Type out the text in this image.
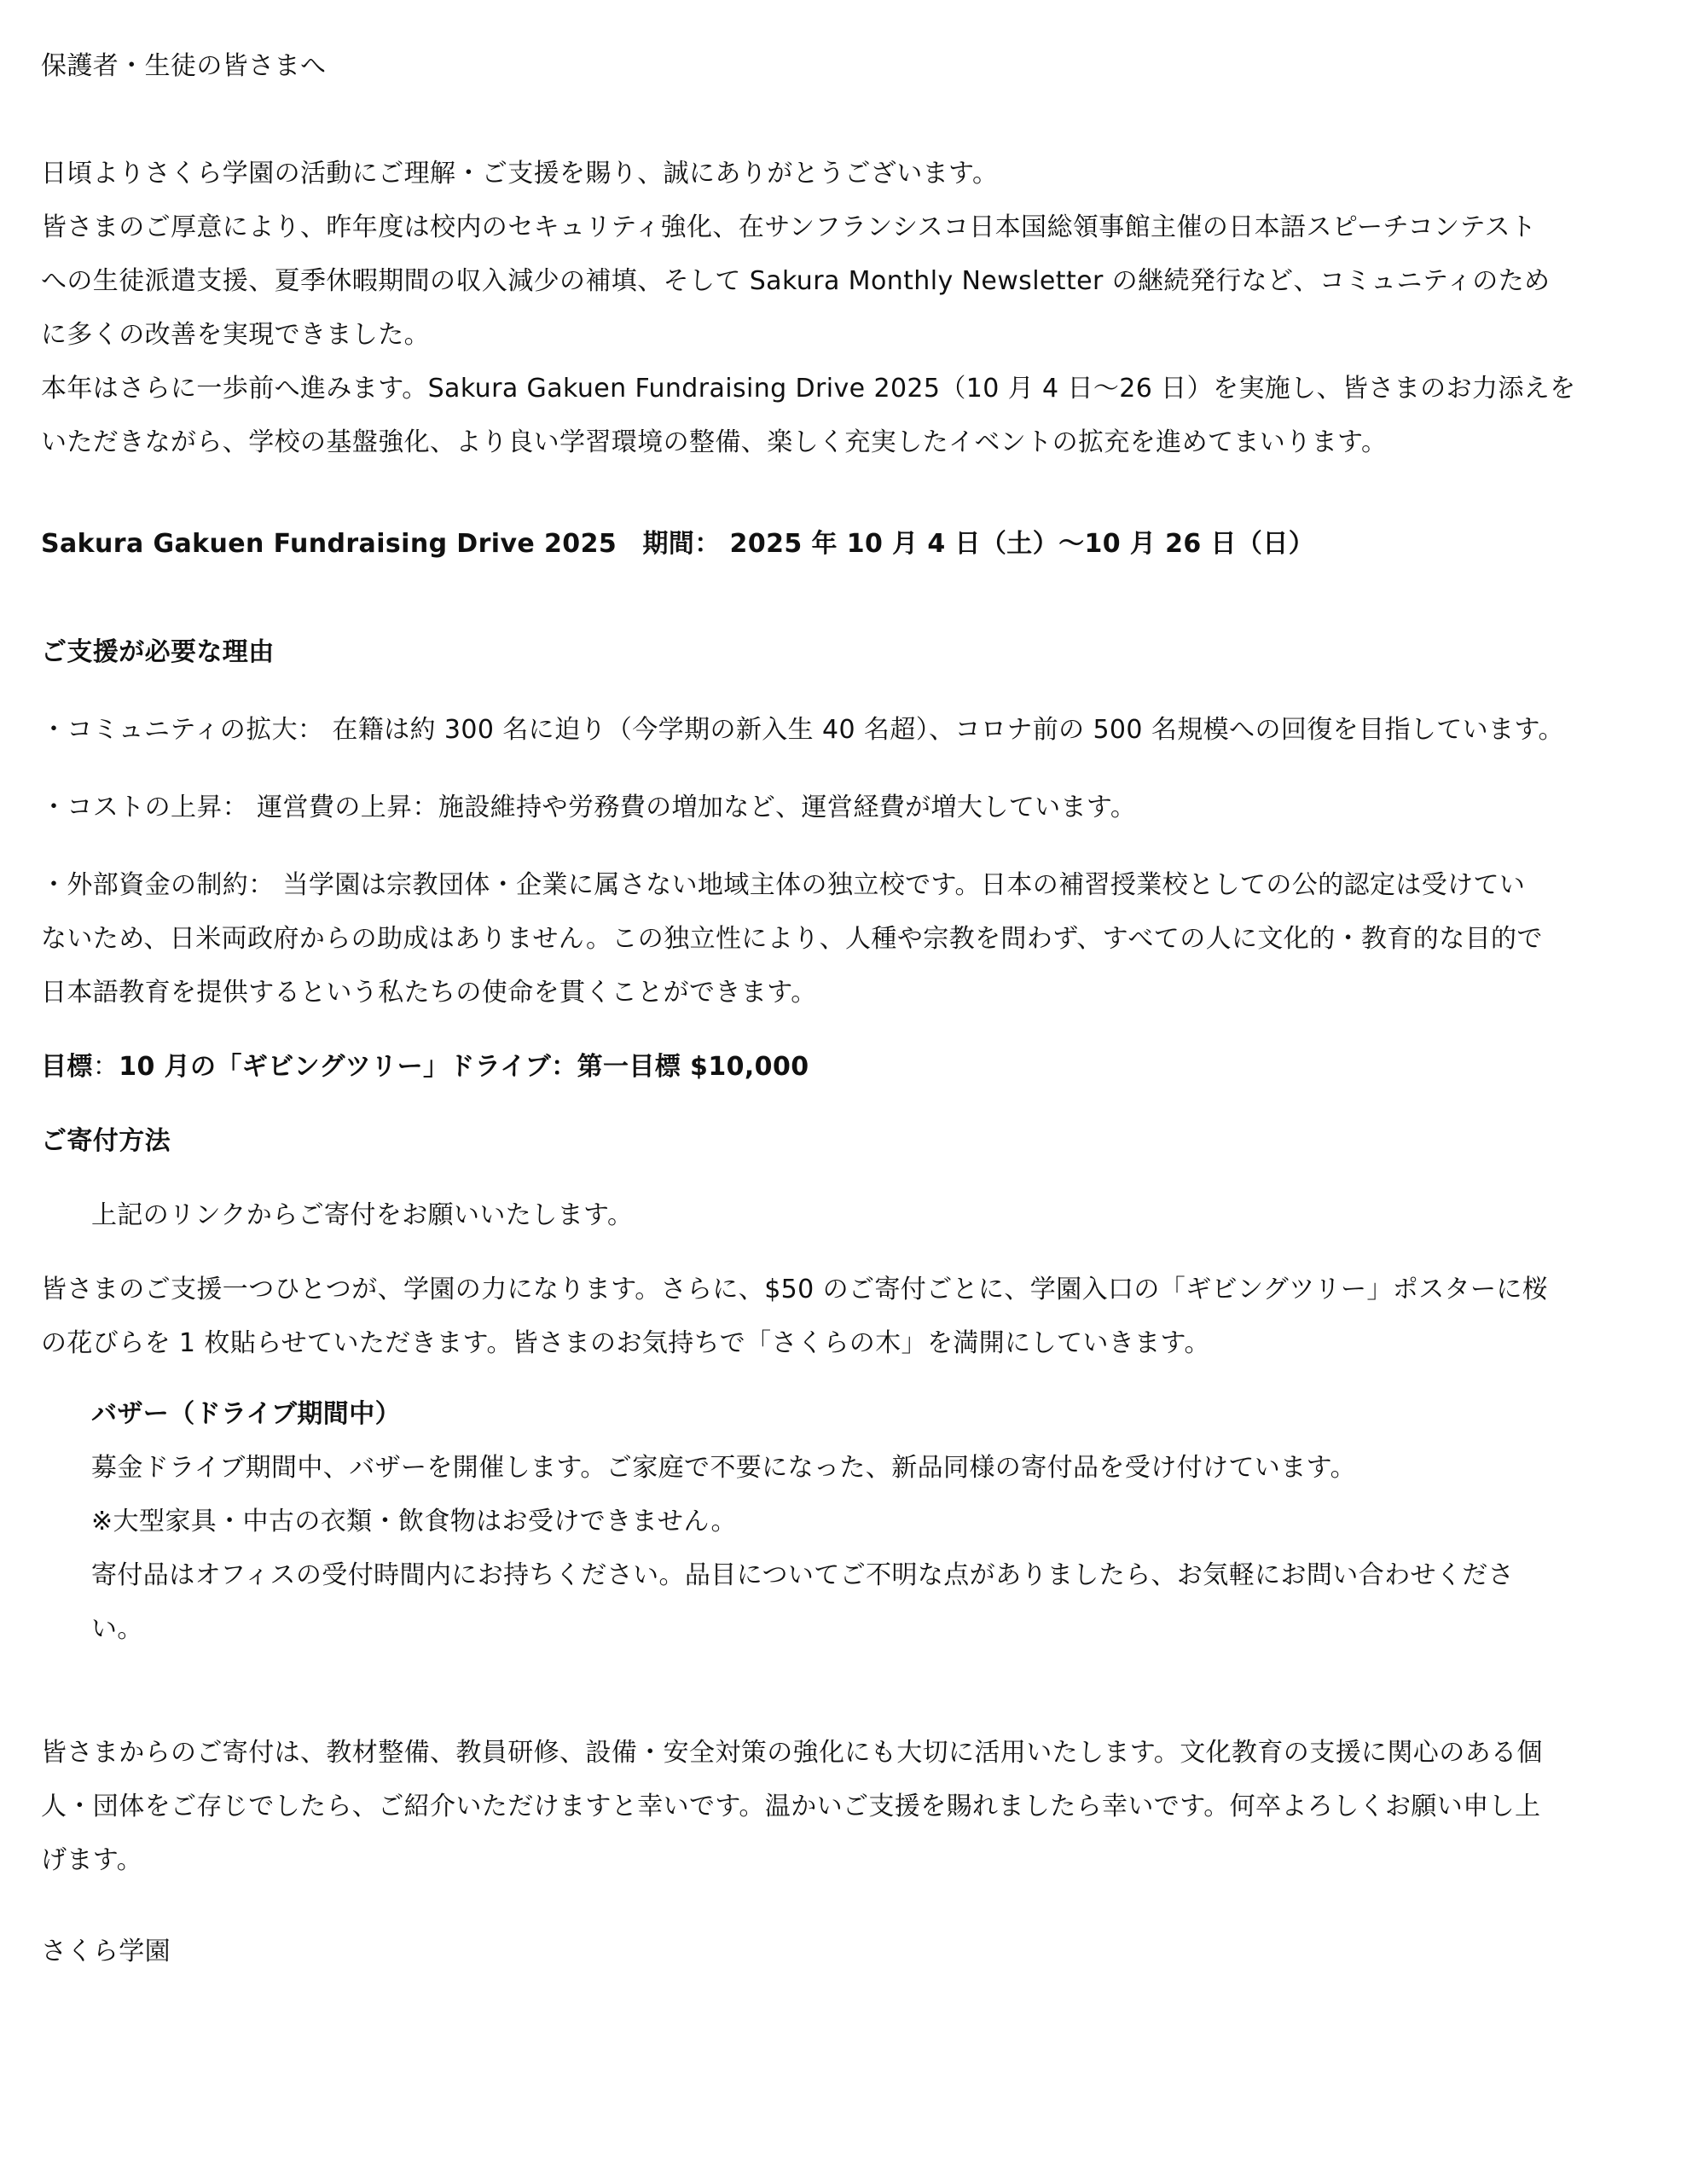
保護者・生徒の皆さまへ

日頃よりさくら学園の活動にご理解・ご支援を賜り、誠にありがとうございます。

皆さまのご厚意により、昨年度は校内のセキュリティ強化、在サンフランシスコ日本国総領事館主催の日本語スピーチコンテスト

への生徒派遣支援、夏季休暇期間の収入減少の補填、そして Sakura Monthly Newsletter の継続発行など、コミュニティのため

に多くの改善を実現できました。

本年はさらに一歩前へ進みます。Sakura Gakuen Fundraising Drive 2025（10 月 4 日～26 日）を実施し、皆さまのお力添えを

いただきながら、学校の基盤強化、より良い学習環境の整備、楽しく充実したイベントの拡充を進めてまいります。

Sakura Gakuen Fundraising Drive 2025　期間： 2025 年 10 月 4 日（土）～10 月 26 日（日）

ご支援が必要な理由

・コミュニティの拡大： 在籍は約 300 名に迫り（今学期の新入生 40 名超）、コロナ前の 500 名規模への回復を目指しています。

・コストの上昇： 運営費の上昇：施設維持や労務費の増加など、運営経費が増大しています。

・外部資金の制約： 当学園は宗教団体・企業に属さない地域主体の独立校です。日本の補習授業校としての公的認定は受けてい

ないため、日米両政府からの助成はありません。この独立性により、人種や宗教を問わず、すべての人に文化的・教育的な目的で

日本語教育を提供するという私たちの使命を貫くことができます。

目標：10 月の「ギビングツリー」ドライブ：第一目標 $10,000

ご寄付方法

上記のリンクからご寄付をお願いいたします。

皆さまのご支援一つひとつが、学園の力になります。さらに、$50 のご寄付ごとに、学園入口の「ギビングツリー」ポスターに桜

の花びらを 1 枚貼らせていただきます。皆さまのお気持ちで「さくらの木」を満開にしていきます。

バザー（ドライブ期間中）

募金ドライブ期間中、バザーを開催します。ご家庭で不要になった、新品同様の寄付品を受け付けています。

※大型家具・中古の衣類・飲食物はお受けできません。

寄付品はオフィスの受付時間内にお持ちください。品目についてご不明な点がありましたら、お気軽にお問い合わせくださ

い。

皆さまからのご寄付は、教材整備、教員研修、設備・安全対策の強化にも大切に活用いたします。文化教育の支援に関心のある個

人・団体をご存じでしたら、ご紹介いただけますと幸いです。温かいご支援を賜れましたら幸いです。何卒よろしくお願い申し上

げます。

さくら学園
